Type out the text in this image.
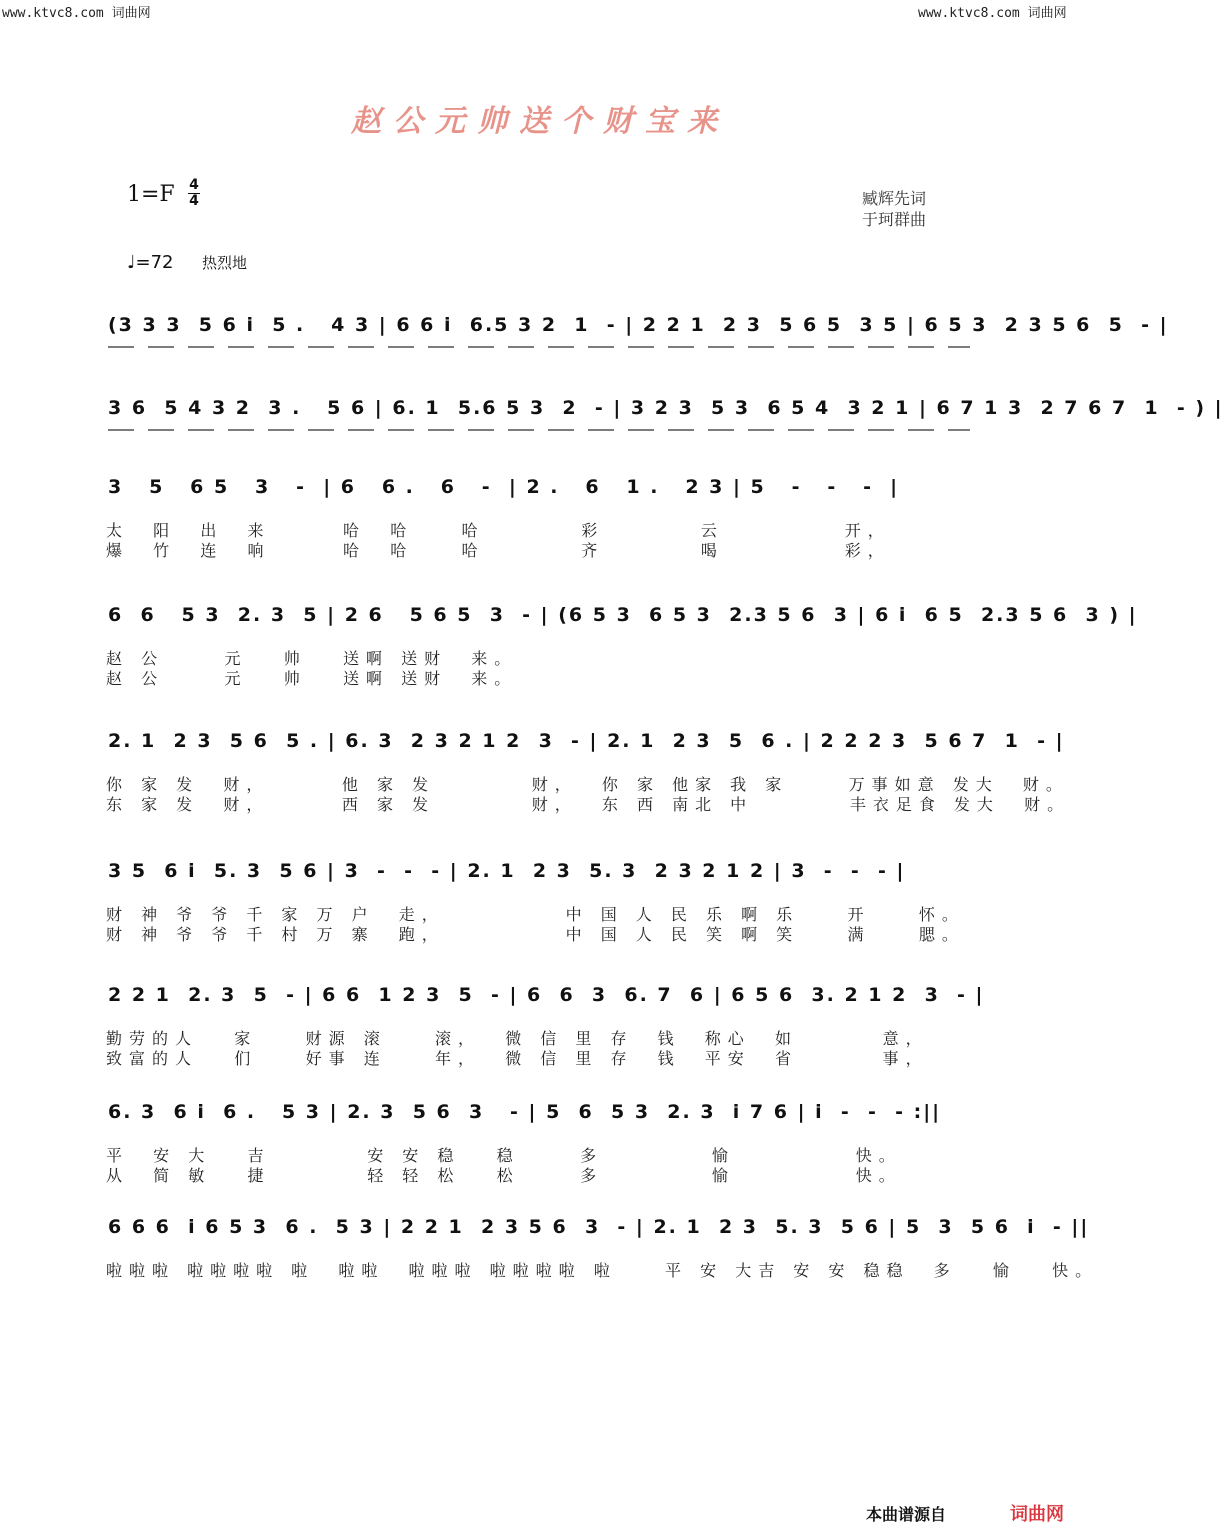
www.ktvc8.com 词曲网	www.ktvc8.com 词曲网
赵公元帅送个财宝来
1=F 4
4	臧辉先词
于珂群曲
♩=72 热烈地
(3 3 3  5 6 i  5 .   4 3 | 6 6 i  6.5 3 2  1  - | 2 2 1  2 3  5 6 5  3 5 | 6 5 3  2 3 5 6  5  - |
3 6  5 4 3 2  3 .   5 6 | 6. 1  5.6 5 3  2  - | 3 2 3  5 3  6 5 4  3 2 1 | 6 7 1 3  2 7 6 7  1  - ) |
3   5   6 5   3   -  | 6   6 .   6   -  | 2 .   6   1 .   2 3 | 5   -   -   -  |
太  阳  出  来      哈  哈    哈        彩        云          开，
爆  竹  连  响      哈  哈    哈        齐        喝          彩，
6  6   5 3  2. 3  5 | 2 6   5 6 5  3  - | (6 5 3  6 5 3  2.3 5 6  3 | 6 i  6 5  2.3 5 6  3 ) |
赵 公     元   帅   送啊 送财  来。
赵 公     元   帅   送啊 送财  来。
2. 1  2 3  5 6  5 . | 6. 3  2 3 2 1 2  3  - | 2. 1  2 3  5  6 . | 2 2 2 3  5 6 7  1  - |
你 家 发  财，      他 家 发        财，  你 家 他家 我 家     万事如意 发大  财。
东 家 发  财，      西 家 发        财，  东 西 南北 中        丰衣足食 发大  财。
3 5  6 i  5. 3  5 6 | 3  -  -  - | 2. 1  2 3  5. 3  2 3 2 1 2 | 3  -  -  - |
财 神 爷 爷 千 家 万 户  走，          中 国 人 民 乐 啊 乐    开    怀。
财 神 爷 爷 千 村 万 寨  跑，          中 国 人 民 笑 啊 笑    满    腮。
2 2 1  2. 3  5  - | 6 6  1 2 3  5  - | 6  6  3  6. 7  6 | 6 5 6  3. 2 1 2  3  - |
勤劳的人   家    财源 滚    滚，  微 信 里 存  钱  称心  如       意，
致富的人   们    好事 连    年，  微 信 里 存  钱  平安  省       事，
6. 3  6 i  6 .   5 3 | 2. 3  5 6  3   - | 5  6  5 3  2. 3  i 7 6 | i  -  -  - :||
平  安 大   吉        安 安 稳   稳     多         愉          快。
从  简 敏   捷        轻 轻 松   松     多         愉          快。
6 6 6  i 6 5 3  6 .  5 3 | 2 2 1  2 3 5 6  3  - | 2. 1  2 3  5. 3  5 6 | 5  3  5 6  i  - ||
啦啦啦 啦啦啦啦 啦  啦啦  啦啦啦 啦啦啦啦 啦    平 安 大吉 安 安 稳稳  多   愉   快。
本曲谱源自	词曲网
